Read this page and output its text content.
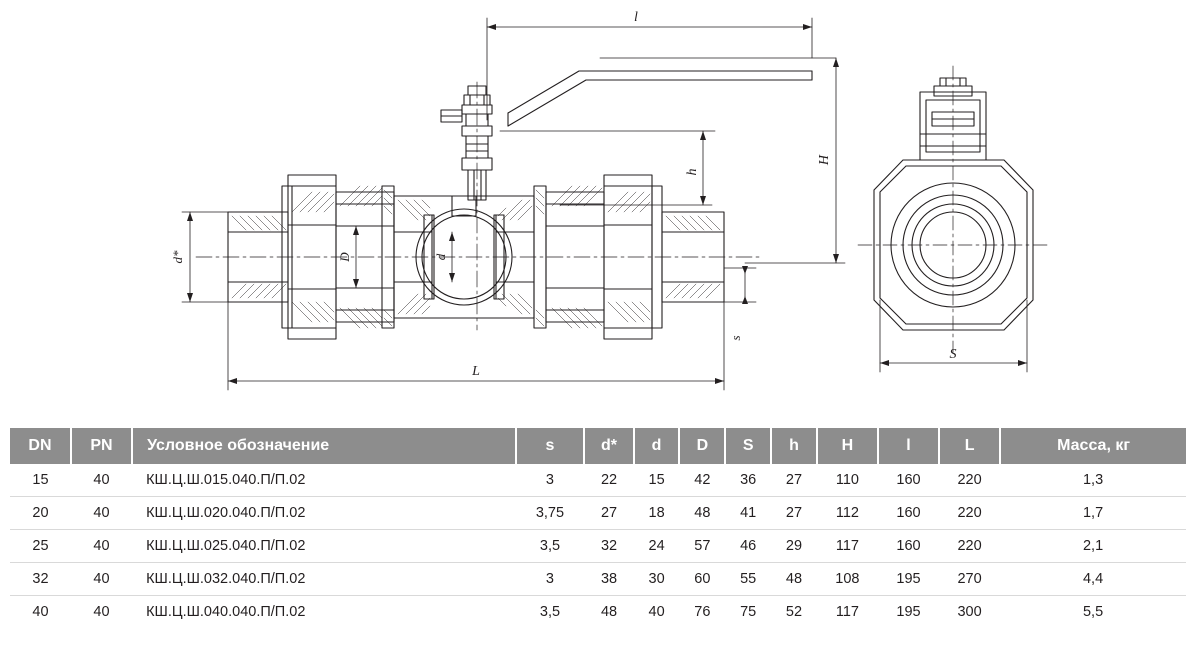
l
H
h
d*	D	d
s
L
S
DN	PN	Условное обозначение	s	d*	d	D	S	h	H	l	L	Масса, кг
15	40	КШ.Ц.Ш.015.040.П/П.02	3	22	15	42	36	27	110	160	220	1,3
20	40	КШ.Ц.Ш.020.040.П/П.02	3,75	27	18	48	41	27	112	160	220	1,7
25	40	КШ.Ц.Ш.025.040.П/П.02	3,5	32	24	57	46	29	117	160	220	2,1
32	40	КШ.Ц.Ш.032.040.П/П.02	3	38	30	60	55	48	108	195	270	4,4
40	40	КШ.Ц.Ш.040.040.П/П.02	3,5	48	40	76	75	52	117	195	300	5,5
